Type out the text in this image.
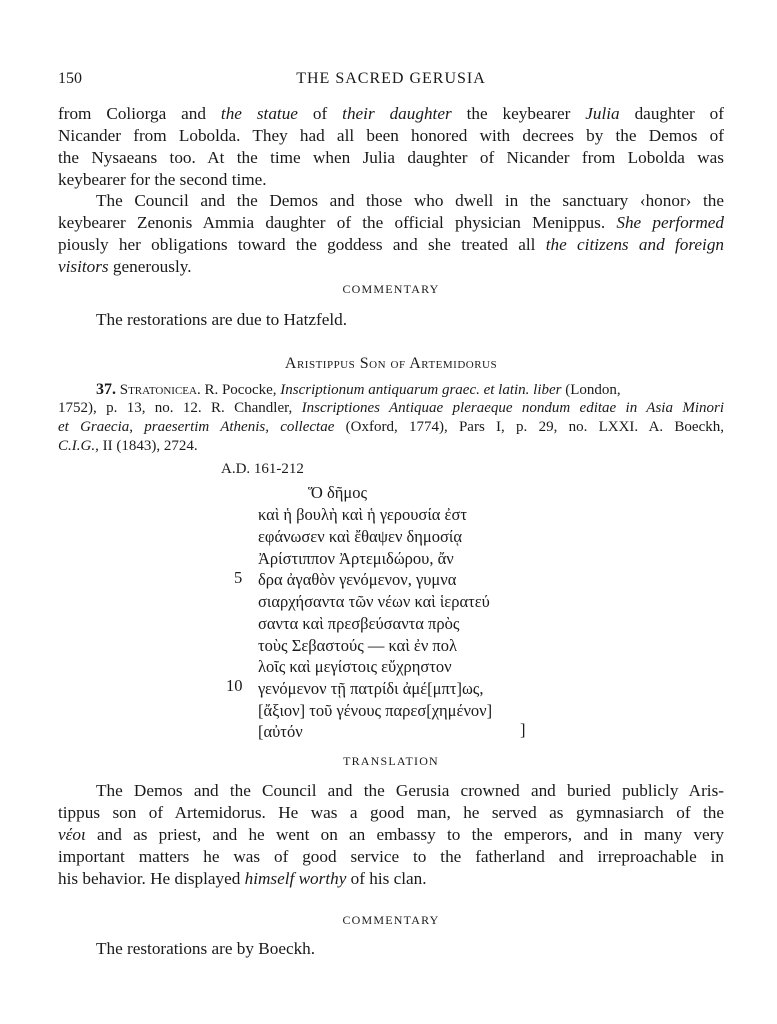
150	THE SACRED GERUSIA
from Coliorga and the statue of their daughter the keybearer Julia daughter of
Nicander from Lobolda. They had all been honored with decrees by the Demos of
the Nysaeans too. At the time when Julia daughter of Nicander from Lobolda was
keybearer for the second time.
The Council and the Demos and those who dwell in the sanctuary ‹honor› the
keybearer Zenonis Ammia daughter of the official physician Menippus. She performed
piously her obligations toward the goddess and she treated all the citizens and foreign
visitors generously.
COMMENTARY
The restorations are due to Hatzfeld.
Aristippus Son of Artemidorus
37. Stratonicea. R. Pococke, Inscriptionum antiquarum graec. et latin. liber (London,
1752), p. 13, no. 12. R. Chandler, Inscriptiones Antiquae pleraeque nondum editae in Asia Minori
et Graecia, praesertim Athenis, collectae (Oxford, 1774), Pars I, p. 29, no. LXXI. A. Boeckh,
C.I.G., II (1843), 2724.
A.D. 161-212
Ὅ δῆμος
καὶ ἡ βουλὴ καὶ ἡ γερουσία ἐστ
εφάνωσεν καὶ ἔθαψεν δημοσίᾳ
Ἀρίστιππον Ἀρτεμιδώρου, ἄν
δρα ἀγαθὸν γενόμενον, γυμνα
σιαρχήσαντα τῶν νέων καὶ ἱερατεύ
σαντα καὶ πρεσβεύσαντα πρὸς
τοὺς Σεβαστούς — καὶ ἐν πολ
λοῖς καὶ μεγίστοις εὔχρηστον
γενόμενον τῇ πατρίδι ἀμέ[μπτ]ως,
[ἄξιον] τοῦ γένους παρεσ[χημένον]
[αὐτόν
5
10
]
TRANSLATION
The Demos and the Council and the Gerusia crowned and buried publicly Aris-
tippus son of Artemidorus. He was a good man, he served as gymnasiarch of the
νέοι and as priest, and he went on an embassy to the emperors, and in many very
important matters he was of good service to the fatherland and irreproachable in
his behavior. He displayed himself worthy of his clan.
COMMENTARY
The restorations are by Boeckh.
